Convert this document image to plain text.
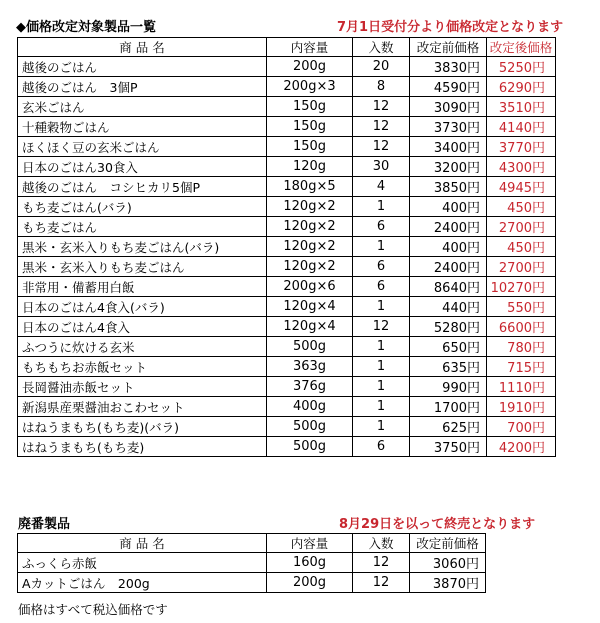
◆価格改定対象製品一覧	7月1日受付分より価格改定となります
商 品 名	内容量	入数	改定前価格	改定後価格
越後のごはん	200g	20	3830円	5250円
越後のごはん　3個P	200g×3	8	4590円	6290円
玄米ごはん	150g	12	3090円	3510円
十種穀物ごはん	150g	12	3730円	4140円
ほくほく豆の玄米ごはん	150g	12	3400円	3770円
日本のごはん30食入	120g	30	3200円	4300円
越後のごはん　コシヒカリ5個P	180g×5	4	3850円	4945円
もち麦ごはん(バラ)	120g×2	1	400円	450円
もち麦ごはん	120g×2	6	2400円	2700円
黒米・玄米入りもち麦ごはん(バラ)	120g×2	1	400円	450円
黒米・玄米入りもち麦ごはん	120g×2	6	2400円	2700円
非常用・備蓄用白飯	200g×6	6	8640円	10270円
日本のごはん4食入(バラ)	120g×4	1	440円	550円
日本のごはん4食入	120g×4	12	5280円	6600円
ふつうに炊ける玄米	500g	1	650円	780円
もちもちお赤飯セット	363g	1	635円	715円
長岡醤油赤飯セット	376g	1	990円	1110円
新潟県産栗醤油おこわセット	400g	1	1700円	1910円
はねうまもち(もち麦)(バラ)	500g	1	625円	700円
はねうまもち(もち麦)	500g	6	3750円	4200円
廃番製品	8月29日を以って終売となります
商 品 名	内容量	入数	改定前価格
ふっくら赤飯	160g	12	3060円
Aカットごはん　200g	200g	12	3870円
価格はすべて税込価格です
